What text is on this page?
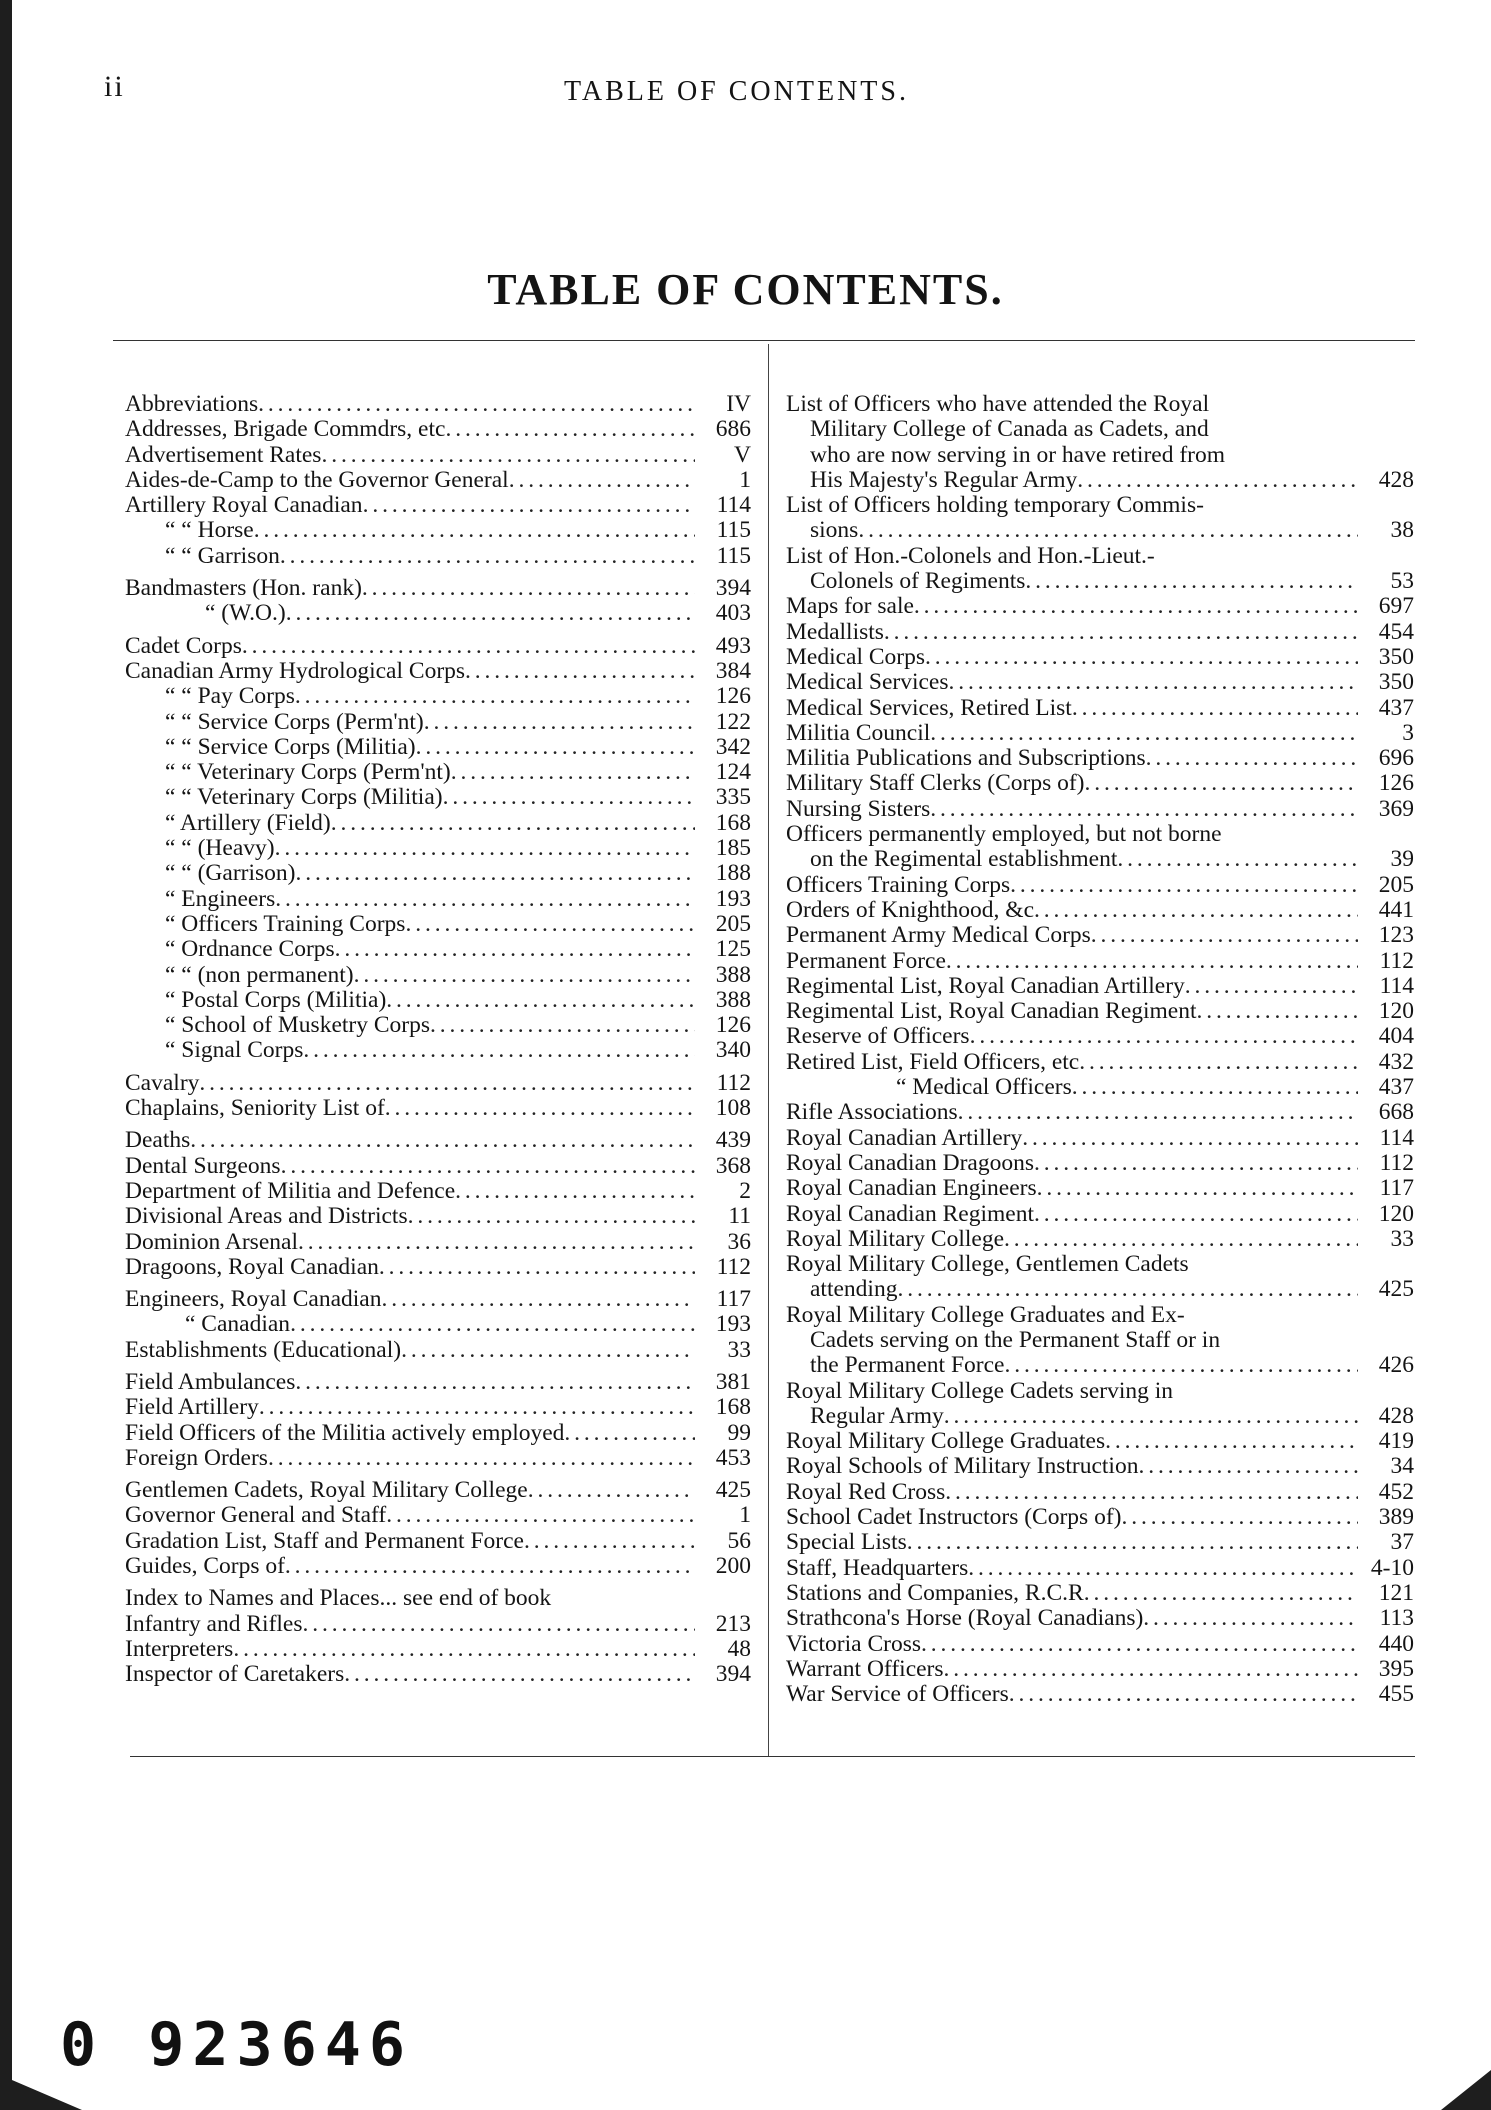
ii	TABLE OF CONTENTS.
TABLE OF CONTENTS.
Abbreviations . . .	IV
Addresses, Brigade Commdrs, etc . . .	686
Advertisement Rates . . .	V
Aides-de-Camp to the Governor General . . .	1
Artillery Royal Canadian . . .	114
“ “ Horse . . .	115
“ “ Garrison . . .	115
Bandmasters (Hon. rank) . . .	394
“ (W.O.) . . .	403
Cadet Corps . . .	493
Canadian Army Hydrological Corps . . .	384
“ “ Pay Corps . . .	126
“ “ Service Corps (Perm'nt) . . .	122
“ “ Service Corps (Militia) . . .	342
“ “ Veterinary Corps (Perm'nt) . . .	124
“ “ Veterinary Corps (Militia) . . .	335
“ Artillery (Field) . . .	168
“ “ (Heavy) . . .	185
“ “ (Garrison) . . .	188
“ Engineers . . .	193
“ Officers Training Corps . . .	205
“ Ordnance Corps . . .	125
“ “ (non permanent) . . .	388
“ Postal Corps (Militia) . . .	388
“ School of Musketry Corps . . .	126
“ Signal Corps . . .	340
Cavalry . . .	112
Chaplains, Seniority List of . . .	108
Deaths . . .	439
Dental Surgeons . . .	368
Department of Militia and Defence . . .	2
Divisional Areas and Districts . . .	11
Dominion Arsenal . . .	36
Dragoons, Royal Canadian . . .	112
Engineers, Royal Canadian . . .	117
“ Canadian . . .	193
Establishments (Educational) . . .	33
Field Ambulances . . .	381
Field Artillery . . .	168
Field Officers of the Militia actively employed . . .	99
Foreign Orders . . .	453
Gentlemen Cadets, Royal Military College . . .	425
Governor General and Staff . . .	1
Gradation List, Staff and Permanent Force . . .	56
Guides, Corps of . . .	200
Index to Names and Places... see end of book
Infantry and Rifles . . .	213
Interpreters . . .	48
Inspector of Caretakers . . .	394
List of Officers who have attended the Royal
Military College of Canada as Cadets, and
who are now serving in or have retired from
His Majesty's Regular Army . . .	428
List of Officers holding temporary Commis-
sions . . .	38
List of Hon.-Colonels and Hon.-Lieut.-
Colonels of Regiments . . .	53
Maps for sale . . .	697
Medallists . . .	454
Medical Corps . . .	350
Medical Services . . .	350
Medical Services, Retired List . . .	437
Militia Council . . .	3
Militia Publications and Subscriptions . . .	696
Military Staff Clerks (Corps of) . . .	126
Nursing Sisters . . .	369
Officers permanently employed, but not borne
on the Regimental establishment . . .	39
Officers Training Corps . . .	205
Orders of Knighthood, &c . . .	441
Permanent Army Medical Corps . . .	123
Permanent Force . . .	112
Regimental List, Royal Canadian Artillery . . .	114
Regimental List, Royal Canadian Regiment . . .	120
Reserve of Officers . . .	404
Retired List, Field Officers, etc . . .	432
“ Medical Officers . . .	437
Rifle Associations . . .	668
Royal Canadian Artillery . . .	114
Royal Canadian Dragoons . . .	112
Royal Canadian Engineers . . .	117
Royal Canadian Regiment . . .	120
Royal Military College . . .	33
Royal Military College, Gentlemen Cadets
attending . . .	425
Royal Military College Graduates and Ex-
Cadets serving on the Permanent Staff or in
the Permanent Force . . .	426
Royal Military College Cadets serving in
Regular Army . . .	428
Royal Military College Graduates . . .	419
Royal Schools of Military Instruction . . .	34
Royal Red Cross . . .	452
School Cadet Instructors (Corps of) . . .	389
Special Lists . . .	37
Staff, Headquarters . . .	4-10
Stations and Companies, R.C.R . . .	121
Strathcona's Horse (Royal Canadians) . . .	113
Victoria Cross . . .	440
Warrant Officers . . .	395
War Service of Officers . . .	455
0 923646
